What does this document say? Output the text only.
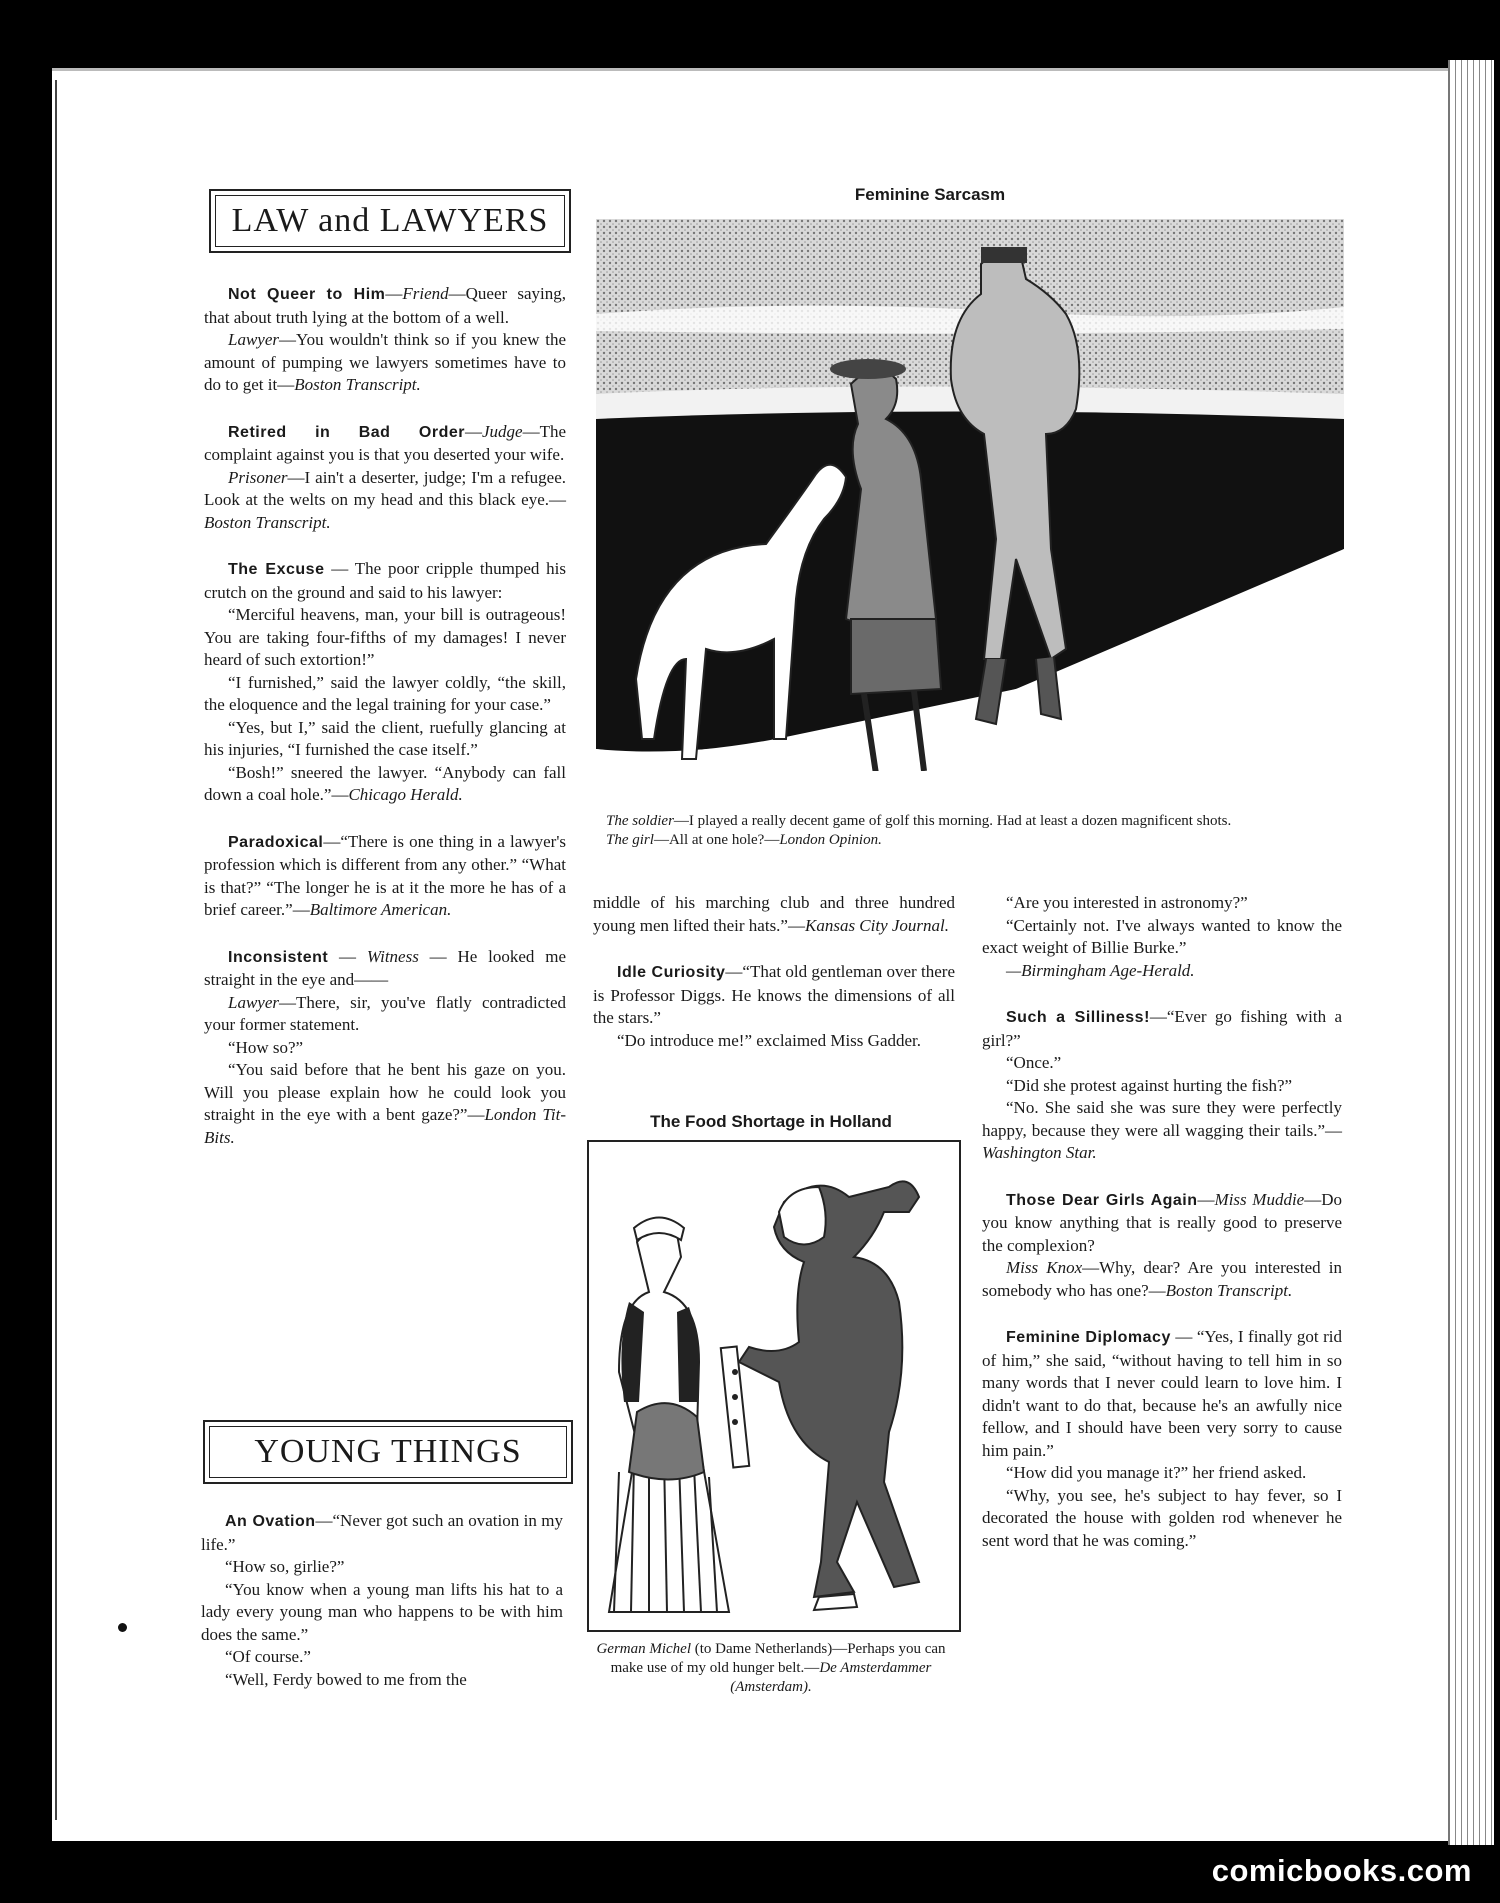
LAW and LAWYERS

Not Queer to Him—Friend—Queer saying, that about truth lying at the bottom of a well.

Lawyer—You wouldn't think so if you knew the amount of pumping we lawyers sometimes have to do to get it—Boston Transcript.

Retired in Bad Order—Judge—The complaint against you is that you deserted your wife.

Prisoner—I ain't a deserter, judge; I'm a refugee. Look at the welts on my head and this black eye.—Boston Transcript.

The Excuse — The poor cripple thumped his crutch on the ground and said to his lawyer:

“Merciful heavens, man, your bill is outrageous! You are taking four-fifths of my damages! I never heard of such extortion!”

“I furnished,” said the lawyer coldly, “the skill, the eloquence and the legal training for your case.”

“Yes, but I,” said the client, ruefully glancing at his injuries, “I furnished the case itself.”

“Bosh!” sneered the lawyer. “Anybody can fall down a coal hole.”—Chicago Herald.

Paradoxical—“There is one thing in a lawyer's profession which is different from any other.” “What is that?” “The longer he is at it the more he has of a brief career.”—Baltimore American.

Inconsistent — Witness — He looked me straight in the eye and——

Lawyer—There, sir, you've flatly contradicted your former statement.

“How so?”

“You said before that he bent his gaze on you. Will you please explain how he could look you straight in the eye with a bent gaze?”—London Tit-Bits.

YOUNG THINGS

An Ovation—“Never got such an ovation in my life.”

“How so, girlie?”

“You know when a young man lifts his hat to a lady every young man who happens to be with him does the same.”

“Of course.”

“Well, Ferdy bowed to me from the

Feminine Sarcasm
The soldier—I played a really decent game of golf this morning. Had at least a dozen magnificent shots.
The girl—All at one hole?—London Opinion.

middle of his marching club and three hundred young men lifted their hats.”—Kansas City Journal.

Idle Curiosity—“That old gentleman over there is Professor Diggs. He knows the dimensions of all the stars.”

“Do introduce me!” exclaimed Miss Gadder.

The Food Shortage in Holland
German Michel (to Dame Netherlands)—Perhaps you can make use of my old hunger belt.—De Amsterdammer (Amsterdam).

“Are you interested in astronomy?”

“Certainly not. I've always wanted to know the exact weight of Billie Burke.”

—Birmingham Age-Herald.

Such a Silliness!—“Ever go fishing with a girl?”

“Once.”

“Did she protest against hurting the fish?”

“No. She said she was sure they were perfectly happy, because they were all wagging their tails.”—Washington Star.

Those Dear Girls Again—Miss Muddie—Do you know anything that is really good to preserve the complexion?

Miss Knox—Why, dear? Are you interested in somebody who has one?—Boston Transcript.

Feminine Diplomacy — “Yes, I finally got rid of him,” she said, “without having to tell him in so many words that I never could learn to love him. I didn't want to do that, because he's an awfully nice fellow, and I should have been very sorry to cause him pain.”

“How did you manage it?” her friend asked.

“Why, you see, he's subject to hay fever, so I decorated the house with golden rod whenever he sent word that he was coming.”

comicbooks.com
